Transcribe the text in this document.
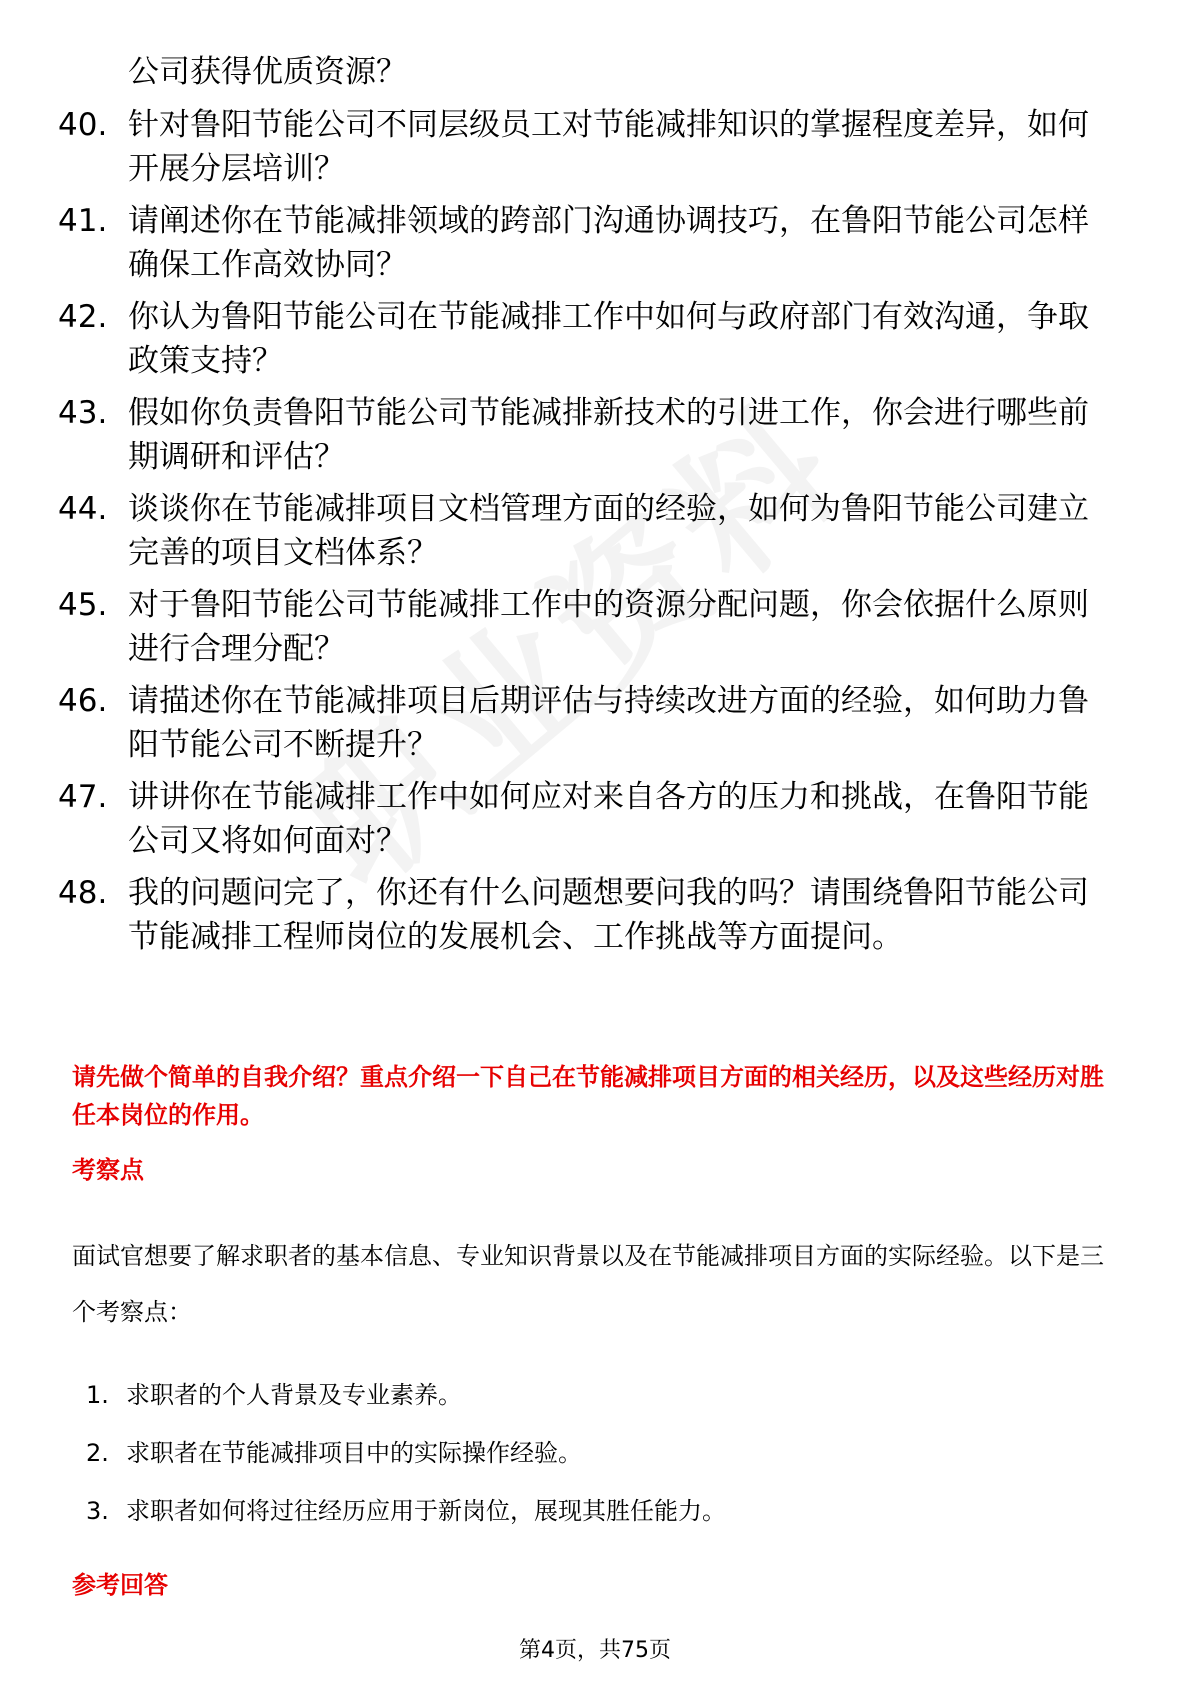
公司获得优质资源？
40. 针对鲁阳节能公司不同层级员工对节能减排知识的掌握程度差异，如何开展分层培训？
41. 请阐述你在节能减排领域的跨部门沟通协调技巧，在鲁阳节能公司怎样确保工作高效协同？
42. 你认为鲁阳节能公司在节能减排工作中如何与政府部门有效沟通，争取政策支持？
43. 假如你负责鲁阳节能公司节能减排新技术的引进工作，你会进行哪些前期调研和评估？
44. 谈谈你在节能减排项目文档管理方面的经验，如何为鲁阳节能公司建立完善的项目文档体系？
45. 对于鲁阳节能公司节能减排工作中的资源分配问题，你会依据什么原则进行合理分配？
46. 请描述你在节能减排项目后期评估与持续改进方面的经验，如何助力鲁阳节能公司不断提升？
47. 讲讲你在节能减排工作中如何应对来自各方的压力和挑战，在鲁阳节能公司又将如何面对？
48. 我的问题问完了，你还有什么问题想要问我的吗？请围绕鲁阳节能公司节能减排工程师岗位的发展机会、工作挑战等方面提问。
请先做个简单的自我介绍？重点介绍一下自己在节能减排项目方面的相关经历，以及这些经历对胜任本岗位的作用。
考察点
面试官想要了解求职者的基本信息、专业知识背景以及在节能减排项目方面的实际经验。以下是三个考察点：
1. 求职者的个人背景及专业素养。
2. 求职者在节能减排项目中的实际操作经验。
3. 求职者如何将过往经历应用于新岗位，展现其胜任能力。
参考回答
第4页，共75页
